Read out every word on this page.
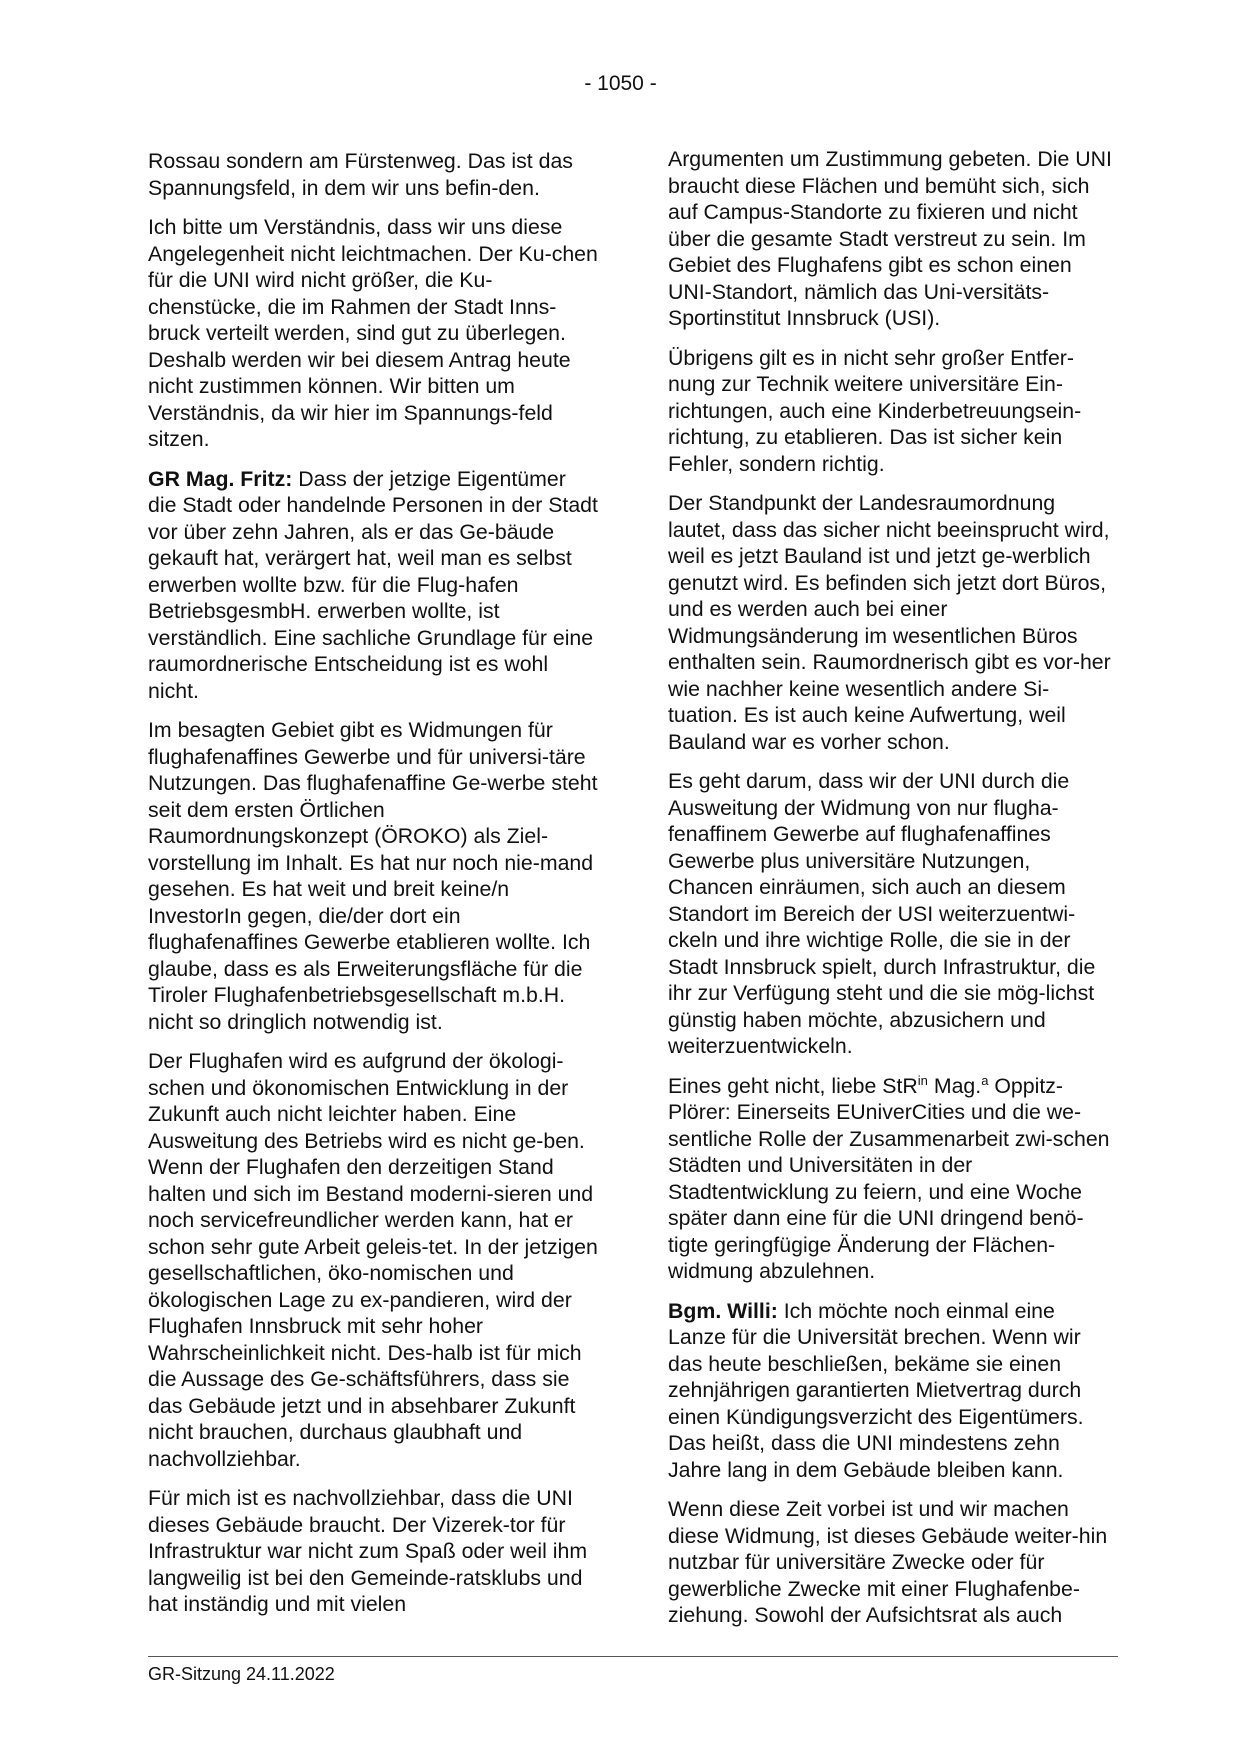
- 1050 -

Rossau sondern am Fürstenweg. Das ist das Spannungsfeld, in dem wir uns befin-den.

Ich bitte um Verständnis, dass wir uns diese Angelegenheit nicht leichtmachen. Der Ku-chen für die UNI wird nicht größer, die Ku-chenstücke, die im Rahmen der Stadt Inns-bruck verteilt werden, sind gut zu überlegen. Deshalb werden wir bei diesem Antrag heute nicht zustimmen können. Wir bitten um Verständnis, da wir hier im Spannungs-feld sitzen.

GR Mag. Fritz: Dass der jetzige Eigentümer die Stadt oder handelnde Personen in der Stadt vor über zehn Jahren, als er das Ge-bäude gekauft hat, verärgert hat, weil man es selbst erwerben wollte bzw. für die Flug-hafen BetriebsgesmbH. erwerben wollte, ist verständlich. Eine sachliche Grundlage für eine raumordnerische Entscheidung ist es wohl nicht.

Im besagten Gebiet gibt es Widmungen für flughafenaffines Gewerbe und für universi-täre Nutzungen. Das flughafenaffine Ge-werbe steht seit dem ersten Örtlichen Raumordnungskonzept (ÖROKO) als Ziel-vorstellung im Inhalt. Es hat nur noch nie-mand gesehen. Es hat weit und breit keine/n InvestorIn gegen, die/der dort ein flughafenaffines Gewerbe etablieren wollte. Ich glaube, dass es als Erweiterungsfläche für die Tiroler Flughafenbetriebsgesellschaft m.b.H. nicht so dringlich notwendig ist.

Der Flughafen wird es aufgrund der ökologi-schen und ökonomischen Entwicklung in der Zukunft auch nicht leichter haben. Eine Ausweitung des Betriebs wird es nicht ge-ben. Wenn der Flughafen den derzeitigen Stand halten und sich im Bestand moderni-sieren und noch servicefreundlicher werden kann, hat er schon sehr gute Arbeit geleis-tet. In der jetzigen gesellschaftlichen, öko-nomischen und ökologischen Lage zu ex-pandieren, wird der Flughafen Innsbruck mit sehr hoher Wahrscheinlichkeit nicht. Des-halb ist für mich die Aussage des Ge-schäftsführers, dass sie das Gebäude jetzt und in absehbarer Zukunft nicht brauchen, durchaus glaubhaft und nachvollziehbar.

Für mich ist es nachvollziehbar, dass die UNI dieses Gebäude braucht. Der Vizerek-tor für Infrastruktur war nicht zum Spaß oder weil ihm langweilig ist bei den Gemeinde-ratsklubs und hat inständig und mit vielen

Argumenten um Zustimmung gebeten. Die UNI braucht diese Flächen und bemüht sich, sich auf Campus-Standorte zu fixieren und nicht über die gesamte Stadt verstreut zu sein. Im Gebiet des Flughafens gibt es schon einen UNI-Standort, nämlich das Uni-versitäts-Sportinstitut Innsbruck (USI).

Übrigens gilt es in nicht sehr großer Entfer-nung zur Technik weitere universitäre Ein-richtungen, auch eine Kinderbetreuungsein-richtung, zu etablieren. Das ist sicher kein Fehler, sondern richtig.

Der Standpunkt der Landesraumordnung lautet, dass das sicher nicht beeinsprucht wird, weil es jetzt Bauland ist und jetzt ge-werblich genutzt wird. Es befinden sich jetzt dort Büros, und es werden auch bei einer Widmungsänderung im wesentlichen Büros enthalten sein. Raumordnerisch gibt es vor-her wie nachher keine wesentlich andere Si-tuation. Es ist auch keine Aufwertung, weil Bauland war es vorher schon.

Es geht darum, dass wir der UNI durch die Ausweitung der Widmung von nur flugha-fenaffinem Gewerbe auf flughafenaffines Gewerbe plus universitäre Nutzungen, Chancen einräumen, sich auch an diesem Standort im Bereich der USI weiterzuentwi-ckeln und ihre wichtige Rolle, die sie in der Stadt Innsbruck spielt, durch Infrastruktur, die ihr zur Verfügung steht und die sie mög-lichst günstig haben möchte, abzusichern und weiterzuentwickeln.

Eines geht nicht, liebe StR$^{in}$ Mag.$^a$ Oppitz-Plörer: Einerseits EUniverCities und die we-sentliche Rolle der Zusammenarbeit zwi-schen Städten und Universitäten in der Stadtentwicklung zu feiern, und eine Woche später dann eine für die UNI dringend benö-tigte geringfügige Änderung der Flächen-widmung abzulehnen.

Bgm. Willi: Ich möchte noch einmal eine Lanze für die Universität brechen. Wenn wir das heute beschließen, bekäme sie einen zehnjährigen garantierten Mietvertrag durch einen Kündigungsverzicht des Eigentümers. Das heißt, dass die UNI mindestens zehn Jahre lang in dem Gebäude bleiben kann.

Wenn diese Zeit vorbei ist und wir machen diese Widmung, ist dieses Gebäude weiter-hin nutzbar für universitäre Zwecke oder für gewerbliche Zwecke mit einer Flughafenbe-ziehung. Sowohl der Aufsichtsrat als auch

GR-Sitzung 24.11.2022
